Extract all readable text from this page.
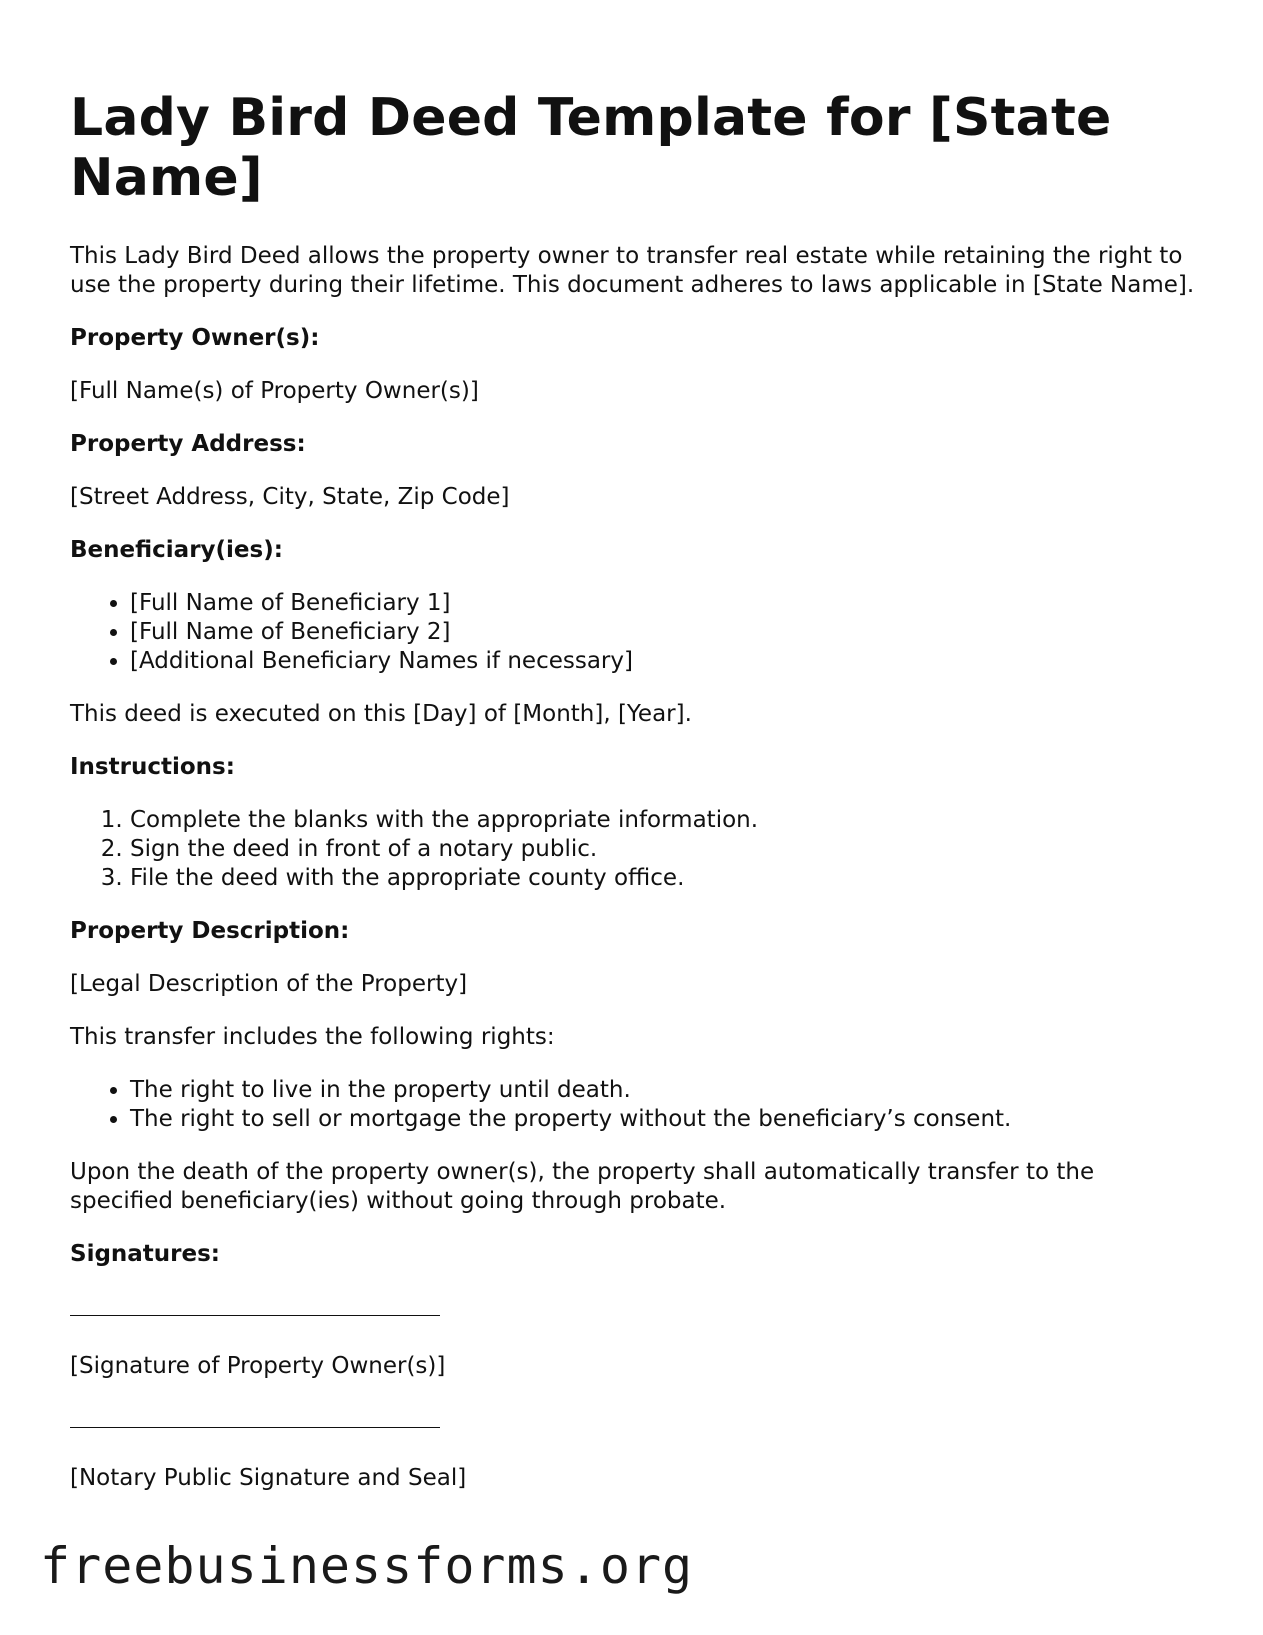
Lady Bird Deed Template for [State Name]

This Lady Bird Deed allows the property owner to transfer real estate while retaining the right to use the property during their lifetime. This document adheres to laws applicable in [State Name].

Property Owner(s):

[Full Name(s) of Property Owner(s)]

Property Address:

[Street Address, City, State, Zip Code]

Beneficiary(ies):

• [Full Name of Beneficiary 1]
• [Full Name of Beneficiary 2]
• [Additional Beneficiary Names if necessary]

This deed is executed on this [Day] of [Month], [Year].

Instructions:

1. Complete the blanks with the appropriate information.
2. Sign the deed in front of a notary public.
3. File the deed with the appropriate county office.

Property Description:

[Legal Description of the Property]

This transfer includes the following rights:

• The right to live in the property until death.
• The right to sell or mortgage the property without the beneficiary’s consent.

Upon the death of the property owner(s), the property shall automatically transfer to the specified beneficiary(ies) without going through probate.

Signatures:

[Signature of Property Owner(s)]

[Notary Public Signature and Seal]

freebusinessforms.org
